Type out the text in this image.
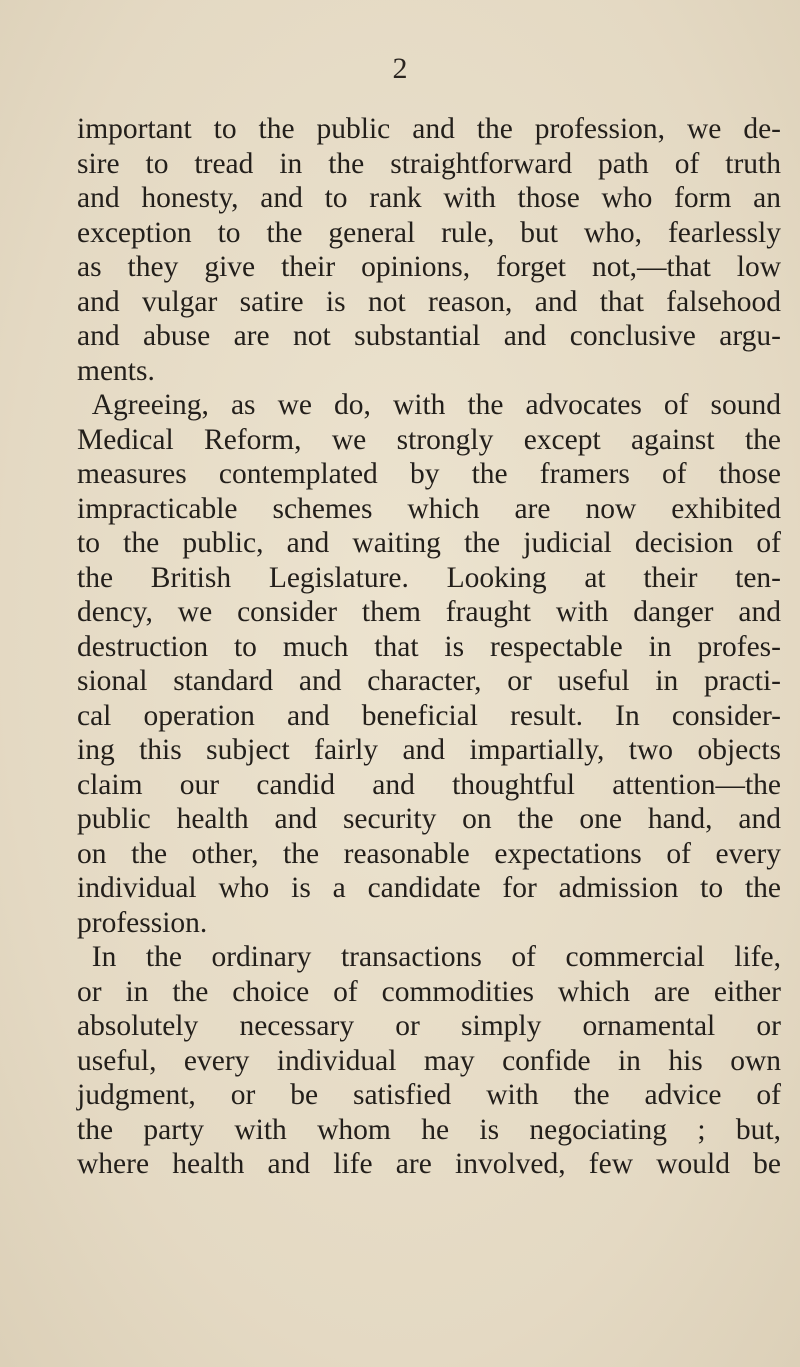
2

important to the public and the profession, we de-
sire to tread in the straightforward path of truth
and honesty, and to rank with those who form an
exception to the general rule, but who, fearlessly
as they give their opinions, forget not,—that low
and vulgar satire is not reason, and that falsehood
and abuse are not substantial and conclusive argu-
ments.
Agreeing, as we do, with the advocates of sound
Medical Reform, we strongly except against the
measures contemplated by the framers of those
impracticable schemes which are now exhibited
to the public, and waiting the judicial decision of
the British Legislature. Looking at their ten-
dency, we consider them fraught with danger and
destruction to much that is respectable in profes-
sional standard and character, or useful in practi-
cal operation and beneficial result. In consider-
ing this subject fairly and impartially, two objects
claim our candid and thoughtful attention—the
public health and security on the one hand, and
on the other, the reasonable expectations of every
individual who is a candidate for admission to the
profession.
In the ordinary transactions of commercial life,
or in the choice of commodities which are either
absolutely necessary or simply ornamental or
useful, every individual may confide in his own
judgment, or be satisfied with the advice of
the party with whom he is negociating ; but,
where health and life are involved, few would be
